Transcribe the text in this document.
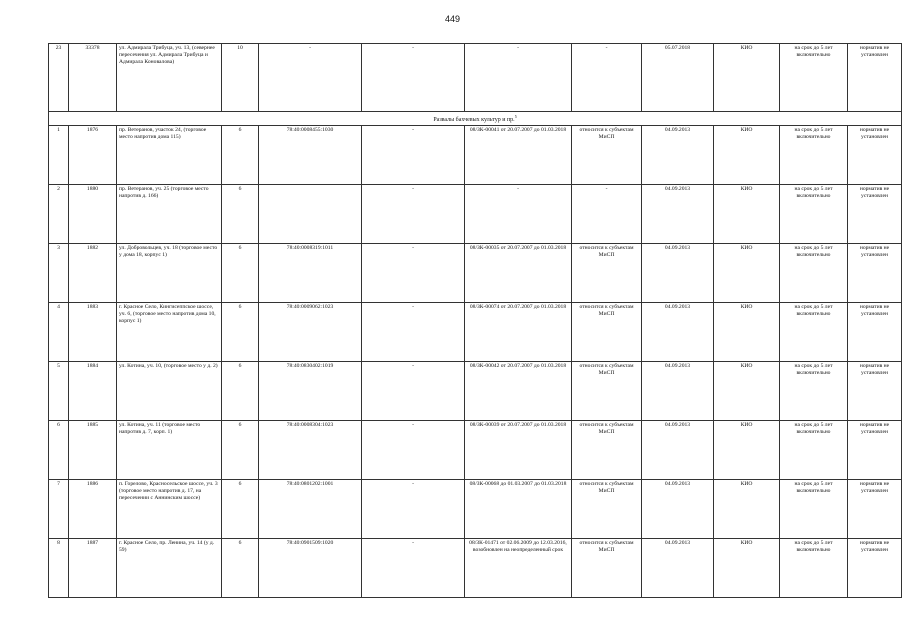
449
23	33378	ул. Адмирала Трибуца, уч. 13, (севернее пересечения ул. Адмирала Трибуца и Адмирала Коновалова)	10	-	-	-	-	05.07.2018	КИО	на срок до 5 лет включительно	норматив не установлен
Развалы бахчевых культур и пр.$^5$
1	1876	пр. Ветеранов, участок 24, (торговое место напротив дома 115)	6	78:40:0008455:1030	-	08/ЗК-00041 от 20.07.2007 до 01.03.2018	относится к субъектам МиСП	04.09.2013	КИО	на срок до 5 лет включительно	норматив не установлен
2	1880	пр. Ветеранов, уч. 25 (торговое место напротив д. 166)	6		-	-	-	04.09.2013	КИО	на срок до 5 лет включительно	норматив не установлен
3	1882	ул. Добровольцев, уч. 18 (торговое место у дома 18, корпус 1)	6	78:40:0008319:1011	-	08/ЗК-00035 от 20.07.2007 до 01.03.2018	относится к субъектам МиСП	04.09.2013	КИО	на срок до 5 лет включительно	норматив не установлен
4	1883	г. Красное Село, Кингисеппское шоссе, уч. 6, (торговое место напротив дома 10, корпус 1)	6	78:40:0009062:1023	-	08/ЗК-00074 от 20.07.2007 до 01.03.2018	относится к субъектам МиСП	04.09.2013	КИО	на срок до 5 лет включительно	норматив не установлен
5	1884	ул. Котина, уч. 10, (торговое место у д. 2)	6	78:40:0830402:1019	-	08/ЗК-00042 от 20.07.2007 до 01.03.2018	относится к субъектам МиСП	04.09.2013	КИО	на срок до 5 лет включительно	норматив не установлен
6	1885	ул. Котина, уч. 11 (торговое место напротив д. 7, корп. 1)	6	78:40:0008304:1023	-	08/ЗК-00039 от 20.07.2007 до 01.03.2018	относится к субъектам МиСП	04.09.2013	КИО	на срок до 5 лет включительно	норматив не установлен
7	1886	п. Горелово, Красносельское шоссе, уч. 3 (торговое место напротив д. 17, на пересечении с Аннинским шоссе)	6	78:40:0801202:1001	-	08/ЗК-00068 до 01.03.2007 до 01.03.2018	относится к субъектам МиСП	04.09.2013	КИО	на срок до 5 лет включительно	норматив не установлен
8	1887	г. Красное Село, пр. Ленина, уч. 14 (у д. 59)	6	78:40:0901509:1020	-	08/ЗК-01471 от 02.06.2009 до 12.03.2016, возобновлен на неопределенный срок	относится к субъектам МиСП	04.09.2013	КИО	на срок до 5 лет включительно	норматив не установлен
